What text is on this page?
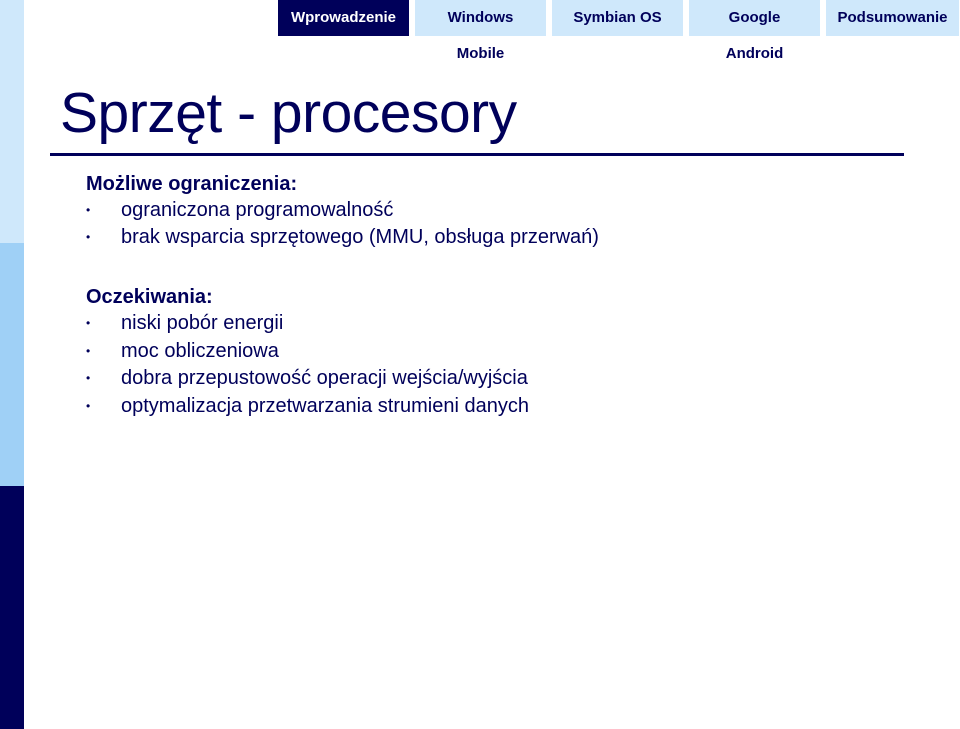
Wprowadzenie	Windows Mobile
Symbian OS	Google Android
Podsumowanie
Sprzęt - procesory
Możliwe ograniczenia:
• ograniczona programowalność
• brak wsparcia sprzętowego (MMU, obsługa przerwań)
Oczekiwania:
• niski pobór energii
• moc obliczeniowa
• dobra przepustowość operacji wejścia/wyjścia
• optymalizacja przetwarzania strumieni danych
